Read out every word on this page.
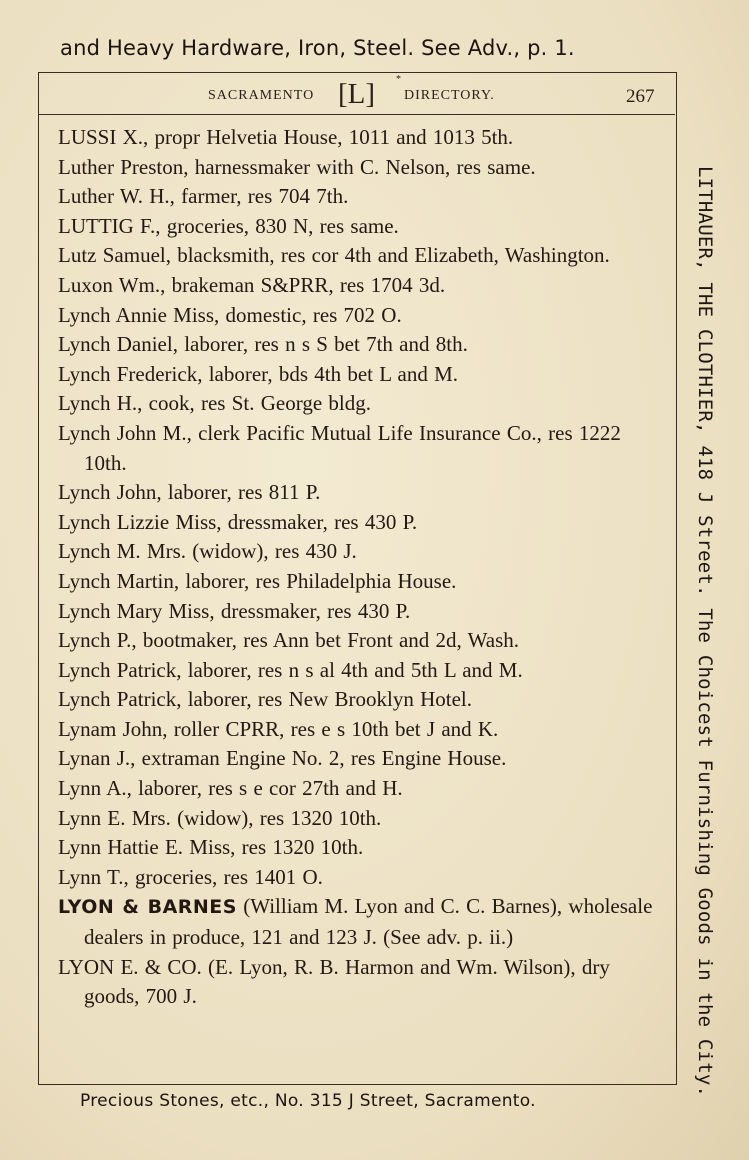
and Heavy Hardware, Iron, Steel. See Adv., p. 1.
SACRAMENTO [L] *
DIRECTORY.	267
LUSSI X., propr Helvetia House, 1011 and 1013 5th.
Luther Preston, harnessmaker with C. Nelson, res same.
Luther W. H., farmer, res 704 7th.
LUTTIG F., groceries, 830 N, res same.
Lutz Samuel, blacksmith, res cor 4th and Elizabeth, Washington.
Luxon Wm., brakeman S&PRR, res 1704 3d.
Lynch Annie Miss, domestic, res 702 O.
Lynch Daniel, laborer, res n s S bet 7th and 8th.
Lynch Frederick, laborer, bds 4th bet L and M.
Lynch H., cook, res St. George bldg.
Lynch John M., clerk Pacific Mutual Life Insurance Co., res 1222 10th.
Lynch John, laborer, res 811 P.
Lynch Lizzie Miss, dressmaker, res 430 P.
Lynch M. Mrs. (widow), res 430 J.
Lynch Martin, laborer, res Philadelphia House.
Lynch Mary Miss, dressmaker, res 430 P.
Lynch P., bootmaker, res Ann bet Front and 2d, Wash.
Lynch Patrick, laborer, res n s al 4th and 5th L and M.
Lynch Patrick, laborer, res New Brooklyn Hotel.
Lynam John, roller CPRR, res e s 10th bet J and K.
Lynan J., extraman Engine No. 2, res Engine House.
Lynn A., laborer, res s e cor 27th and H.
Lynn E. Mrs. (widow), res 1320 10th.
Lynn Hattie E. Miss, res 1320 10th.
Lynn T., groceries, res 1401 O.
LYON & BARNES (William M. Lyon and C. C. Barnes), wholesale dealers in produce, 121 and 123 J. (See adv. p. ii.)
LYON E. & CO. (E. Lyon, R. B. Harmon and Wm. Wilson), dry goods, 700 J.	LITHAUER, THE CLOTHIER, 418 J Street. The Choicest Furnishing Goods in the City.
Precious Stones, etc., No. 315 J Street, Sacramento.
